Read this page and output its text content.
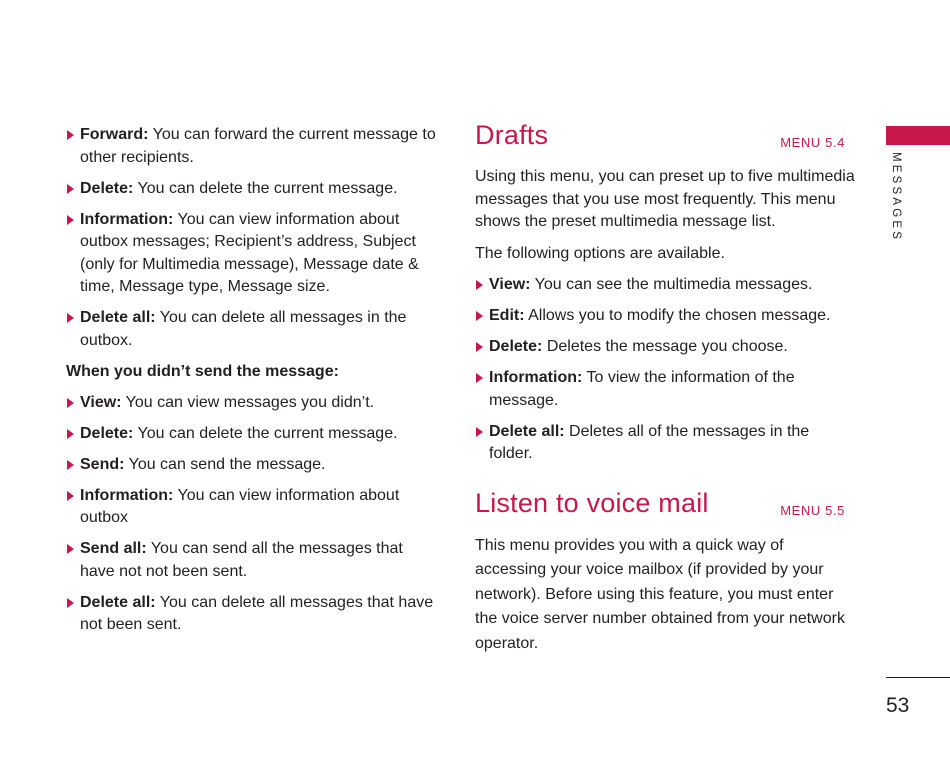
Forward: You can forward the current message to other recipients.
Delete: You can delete the current message.
Information: You can view information about outbox messages; Recipient’s address, Subject (only for Multimedia message), Message date & time, Message type, Message size.
Delete all: You can delete all messages in the outbox.
When you didn’t send the message:
View: You can view messages you didn’t.
Delete: You can delete the current message.
Send: You can send the message.
Information: You can view information about outbox
Send all: You can send all the messages that have not not been sent.
Delete all: You can delete all messages that have not been sent.
Drafts	MENU 5.4

Using this menu, you can preset up to five multimedia messages that you use most frequently. This menu shows the preset multimedia message list.

The following options are available.

View: You can see the multimedia messages.
Edit: Allows you to modify the chosen message.
Delete: Deletes the message you choose.
Information: To view the information of the message.
Delete all: Deletes all of the messages in the folder.
Listen to voice mail	MENU 5.5

This menu provides you with a quick way of accessing your voice mailbox (if provided by your network). Before using this feature, you must enter the voice server number obtained from your network operator.

MESSAGES
53
